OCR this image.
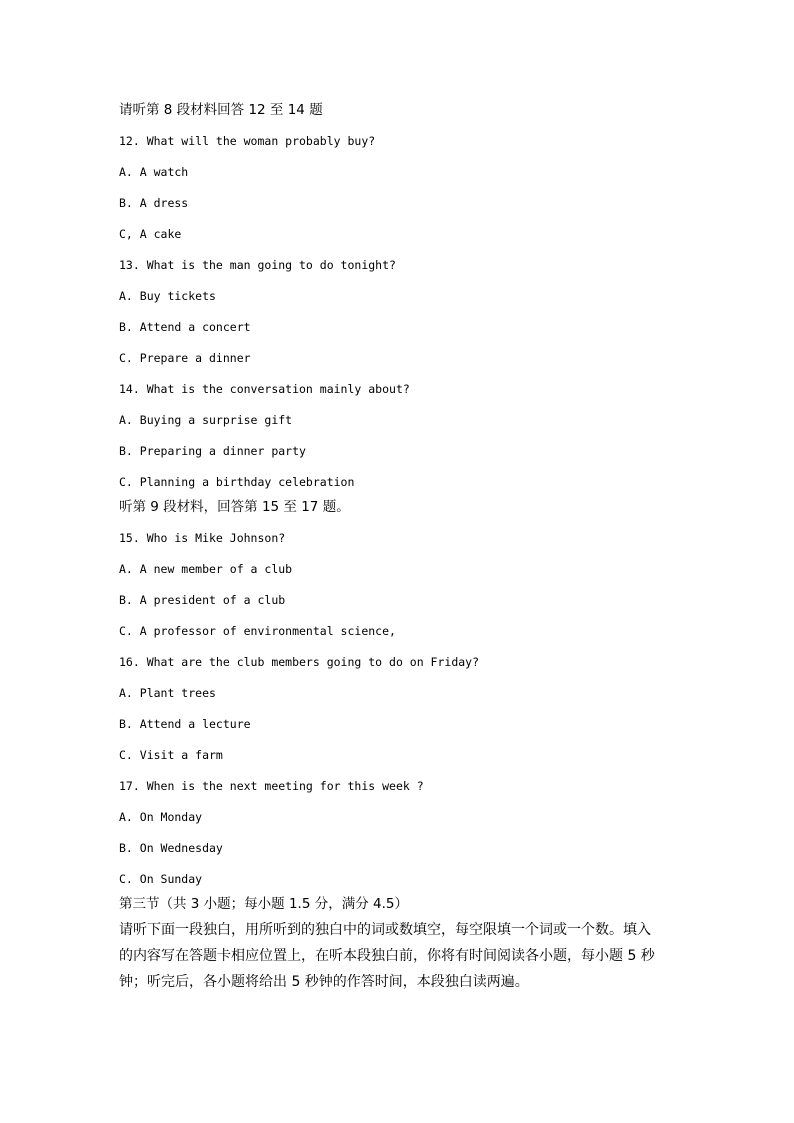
请听第 8 段材料回答 12 至 14 题

12. What will the woman probably buy?

A. A watch

B. A dress

C, A cake

13. What is the man going to do tonight?

A. Buy tickets

B. Attend a concert

C. Prepare a dinner

14. What is the conversation mainly about?

A. Buying a surprise gift

B. Preparing a dinner party

C. Planning a birthday celebration

听第 9 段材料，回答第 15 至 17 题。

15. Who is Mike Johnson?

A. A new member of a club

B. A president of a club

C. A professor of environmental science,

16. What are the club members going to do on Friday?

A. Plant trees

B. Attend a lecture

C. Visit a farm

17. When is the next meeting for this week ?

A. On Monday

B. On Wednesday

C. On Sunday

第三节（共 3 小题；每小题 1.5 分，满分 4.5）

请听下面一段独白，用所听到的独白中的词或数填空，每空限填一个词或一个数。填入的内容写在答题卡相应位置上，在听本段独白前，你将有时间阅读各小题，每小题 5 秒钟；听完后，各小题将给出 5 秒钟的作答时间，本段独白读两遍。
